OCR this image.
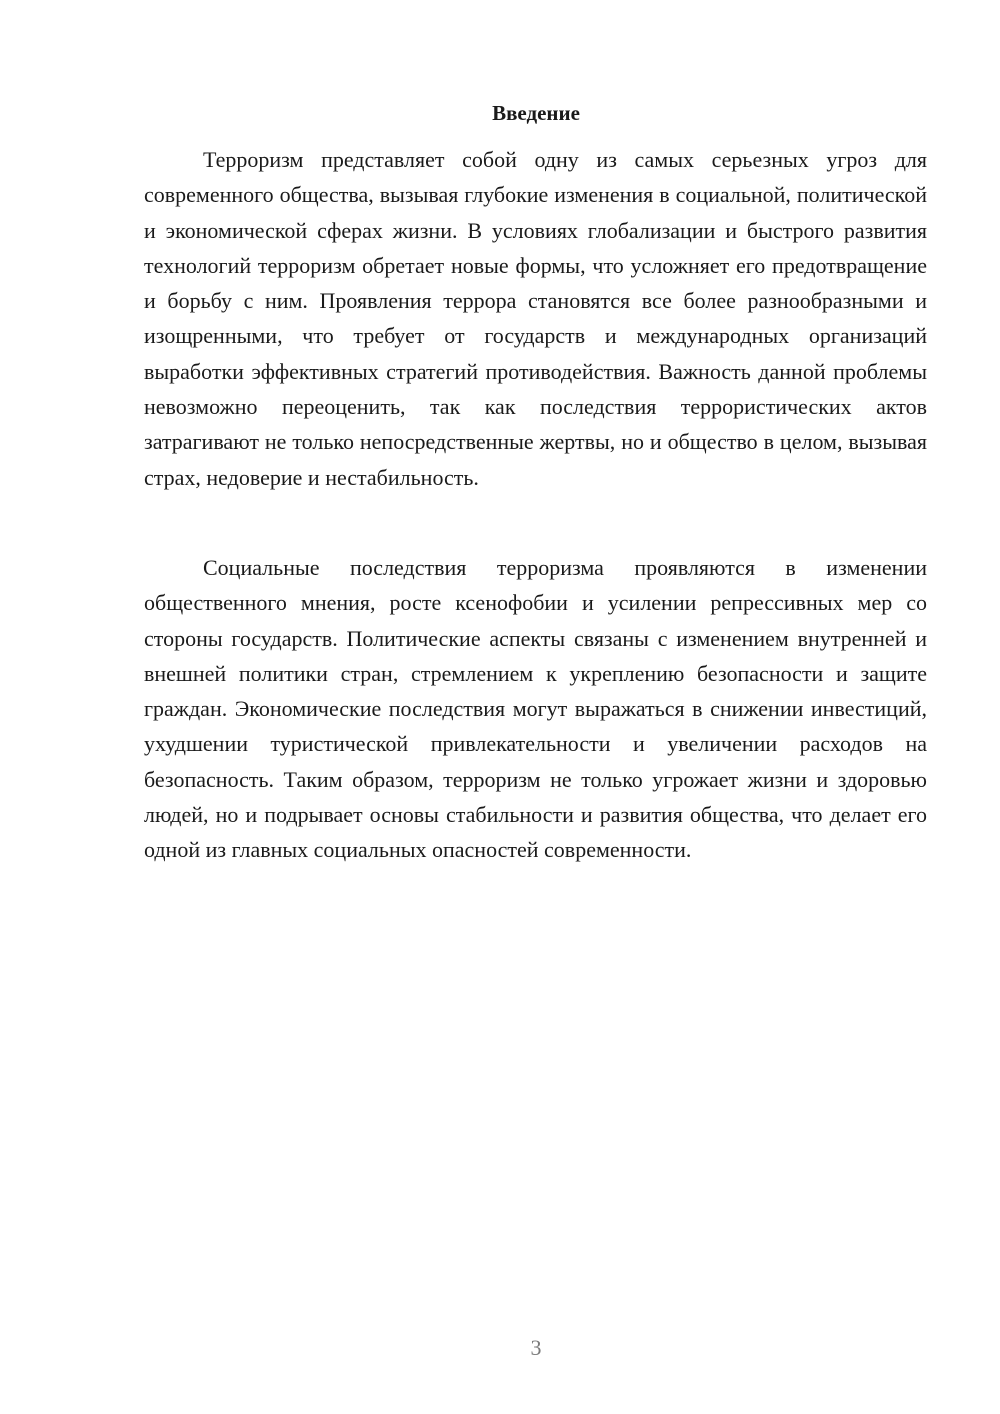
Введение

Терроризм представляет собой одну из самых серьезных угроз для современного общества, вызывая глубокие изменения в социальной, политической и экономической сферах жизни. В условиях глобализации и быстрого развития технологий терроризм обретает новые формы, что усложняет его предотвращение и борьбу с ним. Проявления террора становятся все более разнообразными и изощренными, что требует от государств и международных организаций выработки эффективных стратегий противодействия. Важность данной проблемы невозможно переоценить, так как последствия террористических актов затрагивают не только непосредственные жертвы, но и общество в целом, вызывая страх, недоверие и нестабильность.

Социальные последствия терроризма проявляются в изменении общественного мнения, росте ксенофобии и усилении репрессивных мер со стороны государств. Политические аспекты связаны с изменением внутренней и внешней политики стран, стремлением к укреплению безопасности и защите граждан. Экономические последствия могут выражаться в снижении инвестиций, ухудшении туристической привлекательности и увеличении расходов на безопасность. Таким образом, терроризм не только угрожает жизни и здоровью людей, но и подрывает основы стабильности и развития общества, что делает его одной из главных социальных опасностей современности.

3
